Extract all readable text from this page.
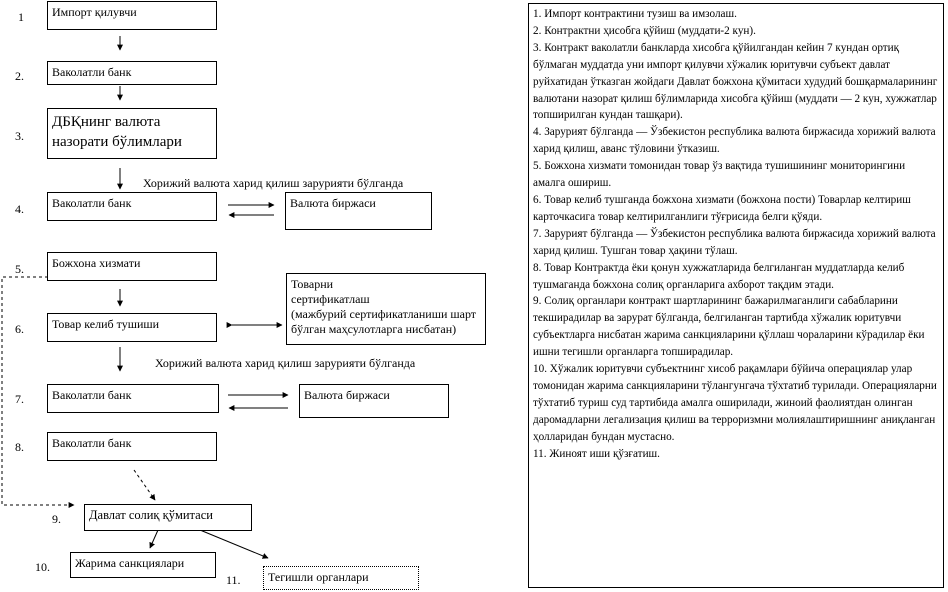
1
2.
3.
4.
5.
6.
7.
8.
9.
10.
11.
Импорт қилувчи
Ваколатли банк
ДБҚнинг валюта
назорати бўлимлари
Хорижий валюта харид қилиш зарурияти бўлганда
Ваколатли банк	Валюта биржаси
Божхона хизмати
Товарни
сертификатлаш
(мажбурий сертификатланиши шарт
бўлган маҳсулотларга нисбатан)
Товар келиб тушиши
Хорижий валюта харид қилиш зарурияти бўлганда
Ваколатли банк	Валюта биржаси
Ваколатли банк
Давлат солиқ қўмитаси
Жарима санкциялари
Тегишли органлари

1. Импорт контрактини тузиш ва имзолаш.

2. Контрактни ҳисобга қўйиш (муддати-2 кун).

3. Контракт ваколатли банкларда хисобга қўйилгандан кейин 7 кундан ортиқ бўлмаган муддатда уни импорт қилувчи хўжалик юритувчи субъект давлат руйхатидан ўтказган жойдаги Давлат божхона қўмитаси худудий бошқармаларининг валютани назорат қилиш бўлимларида хисобга қўйиш (муддати — 2 кун, хужжатлар топширилган кундан ташқари).

4. Зарурият бўлганда — Ўзбекистон республика валюта биржасида хорижий валюта харид қилиш, аванс тўловини ўтказиш.

5. Божхона хизмати томонидан товар ўз вақтида тушишининг мониторингини амалга ошириш.

6. Товар келиб тушганда божхона хизмати (божхона пости) Товарлар келтириш карточкасига товар келтирилганлиги тўғрисида белги қўяди.

7. Зарурият бўлганда — Ўзбекистон республика валюта биржасида хорижий валюта харид қилиш. Тушган товар ҳақини тўлаш.

8. Товар Контрактда ёки қонун хужжатларида белгиланган муддатларда келиб тушмаганда божхона солиқ органларига ахборот тақдим этади.

9. Солиқ органлари контракт шартларининг бажарилмаганлиги сабабларини текширадилар ва зарурат бўлганда, белгиланган тартибда хўжалик юритувчи субъектларга нисбатан жарима санкцияларини қўллаш чораларини кўрадилар ёки ишни тегишли органларга топширадилар.

10. Хўжалик юритувчи субъектнинг хисоб рақамлари бўйича операциялар улар томонидан жарима санкцияларини тўлангунгача тўхтатиб турилади. Операцияларни тўхтатиб туриш суд тартибида амалга оширилади, жиноий фаолиятдан олинган даромадларни легализация қилиш ва терроризмни молиялаштиришнинг аниқланган ҳолларидан бундан мустасно.

11. Жиноят иши қўзғатиш.
